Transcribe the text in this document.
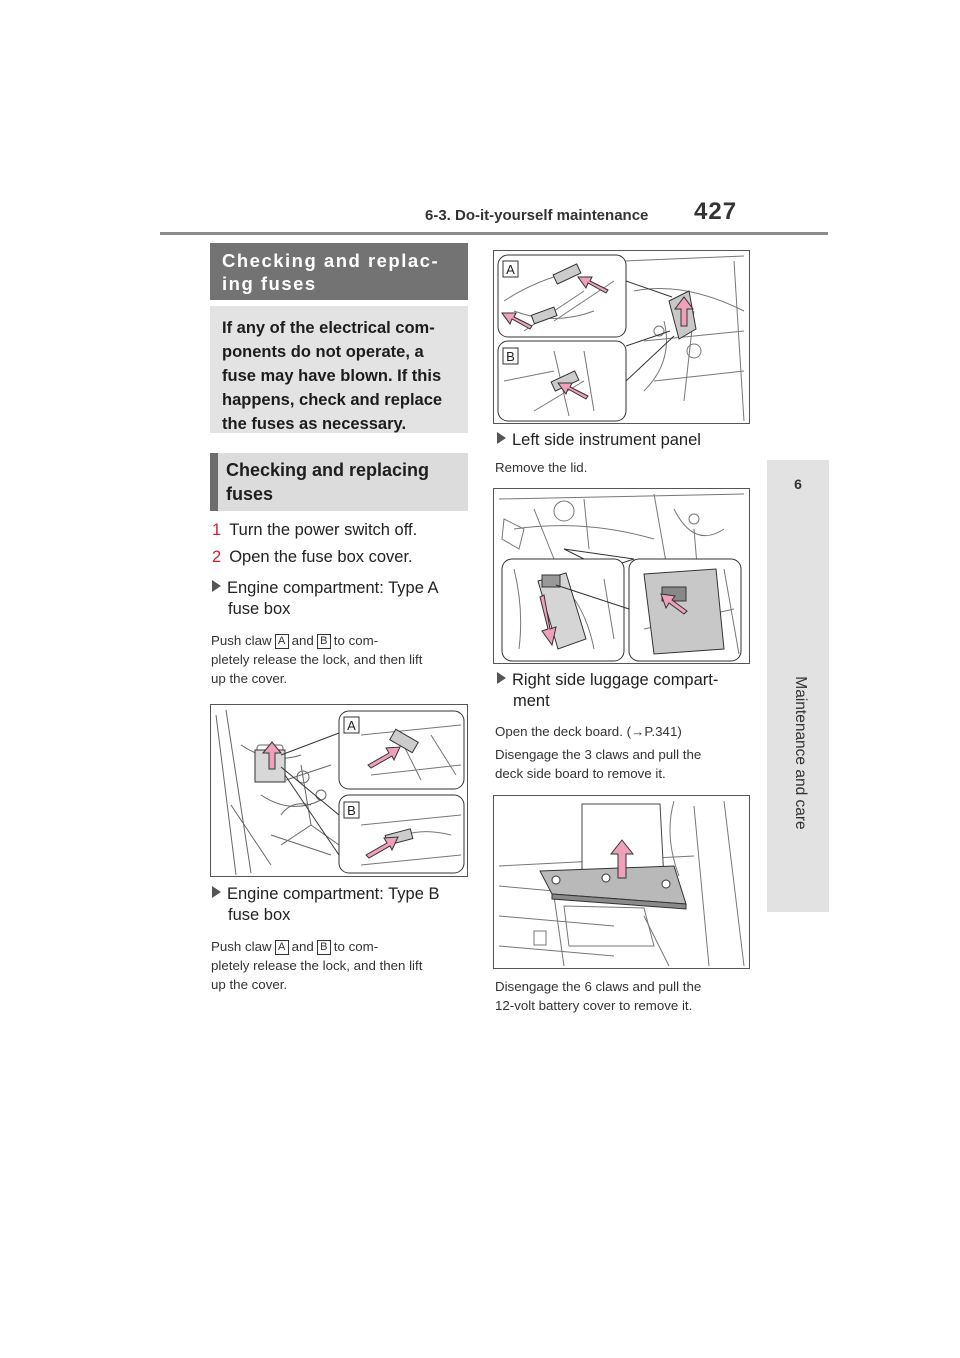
6-3. Do-it-yourself maintenance 427
6
Maintenance and care
Checking and replac-
ing fuses
If any of the electrical com-
ponents do not operate, a
fuse may have blown. If this
happens, check and replace
the fuses as necessary.
Checking and replacing
fuses
1 Turn the power switch off.
2 Open the fuse box cover.
Engine compartment: Type A
fuse box
Push claw A and B to com-
pletely release the lock, and then lift
up the cover.
A
B
Engine compartment: Type B
fuse box
Push claw A and B to com-
pletely release the lock, and then lift
up the cover.
A
B
Left side instrument panel
Remove the lid.
Right side luggage compart-
ment
Open the deck board. (→P.341)
Disengage the 3 claws and pull the
deck side board to remove it.
Disengage the 6 claws and pull the
12-volt battery cover to remove it.
